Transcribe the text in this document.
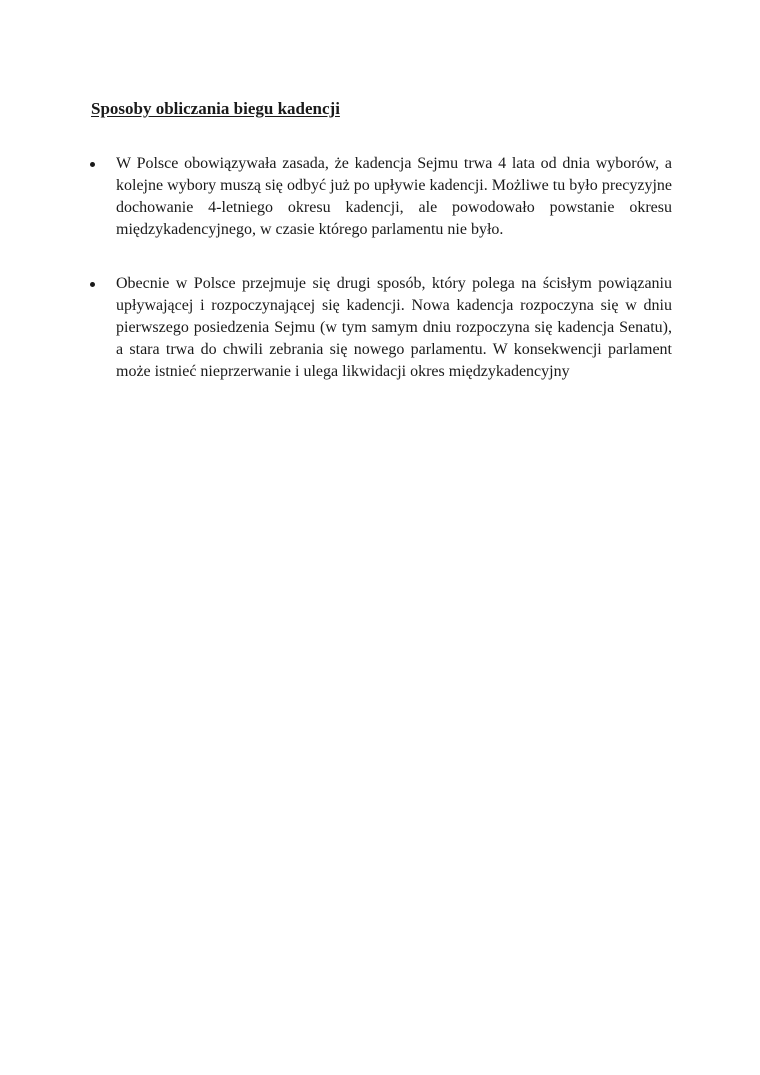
Sposoby obliczania biegu kadencji
W Polsce obowiązywała zasada, że kadencja Sejmu trwa 4 lata od dnia wyborów, a kolejne wybory muszą się odbyć już po upływie kadencji. Możliwe tu było precyzyjne dochowanie 4-letniego okresu kadencji, ale powodowało powstanie okresu międzykadencyjnego, w czasie którego parlamentu nie było.
Obecnie w Polsce przejmuje się drugi sposób, który polega na ścisłym powiązaniu upływającej i rozpoczynającej się kadencji. Nowa kadencja rozpoczyna się w dniu pierwszego posiedzenia Sejmu (w tym samym dniu rozpoczyna się kadencja Senatu), a stara trwa do chwili zebrania się nowego parlamentu. W konsekwencji parlament może istnieć nieprzerwanie i ulega likwidacji okres międzykadencyjny
